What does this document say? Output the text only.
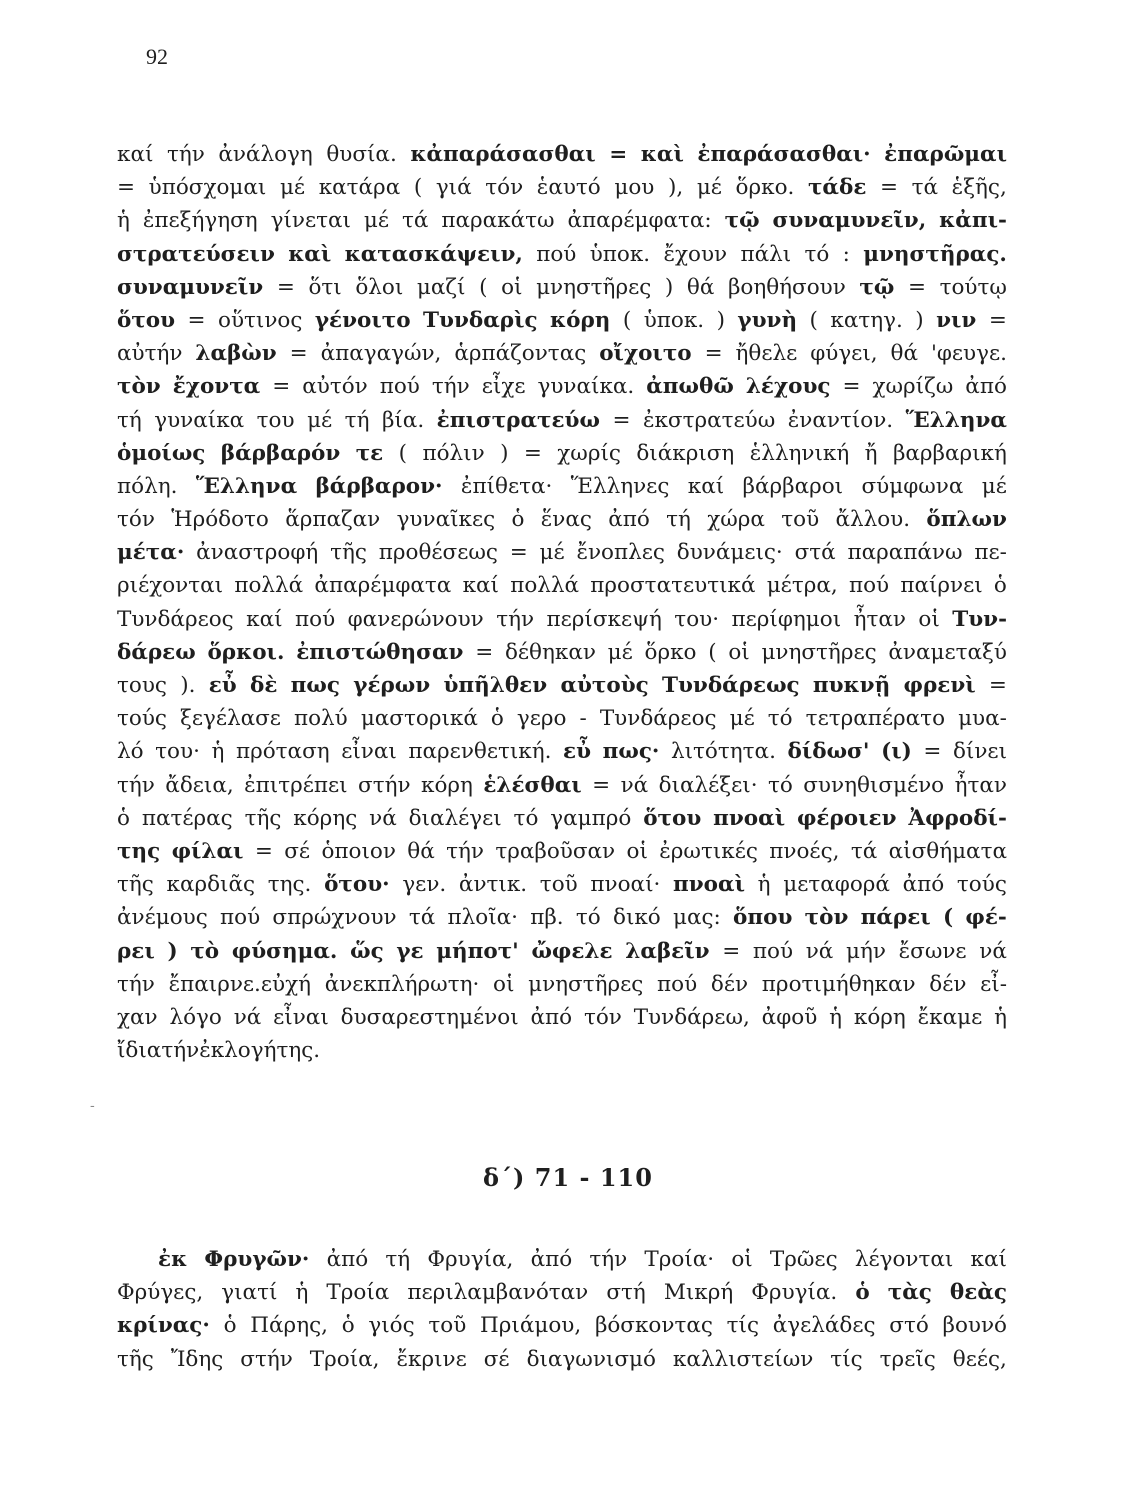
92
καί τήν ἀνάλογη θυσία. κἀπαράσασθαι = καὶ ἐπαράσασθαι· ἐπαρῶμαι
= ὑπόσχομαι μέ κατάρα ( γιά τόν ἑαυτό μου ), μέ ὅρκο. τάδε = τά ἑξῆς,
ἡ ἐπεξήγηση γίνεται μέ τά παρακάτω ἀπαρέμφατα: τῷ συναμυνεῖν, κἀπι-
στρατεύσειν καὶ κατασκάψειν, πού ὑποκ. ἔχουν πάλι τό : μνηστῆρας.
συναμυνεῖν = ὅτι ὅλοι μαζί ( οἱ μνηστῆρες ) θά βοηθήσουν τῷ = τούτῳ
ὅτου = οὕτινος γένοιτο Τυνδαρὶς κόρη ( ὑποκ. ) γυνὴ ( κατηγ. ) νιν =
αὐτήν λαβὼν = ἀπαγαγών, ἁρπάζοντας οἴχοιτο = ἤθελε φύγει, θά 'φευγε.
τὸν ἔχοντα = αὐτόν πού τήν εἶχε γυναίκα. ἀπωθῶ λέχους = χωρίζω ἀπό
τή γυναίκα του μέ τή βία. ἐπιστρατεύω = ἐκστρατεύω ἐναντίον. Ἕλληνα
ὁμοίως βάρβαρόν τε ( πόλιν ) = χωρίς διάκριση ἑλληνική ἤ βαρβαρική
πόλη. Ἕλληνα βάρβαρον· ἐπίθετα· Ἕλληνες καί βάρβαροι σύμφωνα μέ
τόν Ἡρόδοτο ἅρπαζαν γυναῖκες ὁ ἕνας ἀπό τή χώρα τοῦ ἄλλου. ὅπλων
μέτα· ἀναστροφή τῆς προθέσεως = μέ ἔνοπλες δυνάμεις· στά παραπάνω πε-
ριέχονται πολλά ἀπαρέμφατα καί πολλά προστατευτικά μέτρα, πού παίρνει ὁ
Τυνδάρεος καί πού φανερώνουν τήν περίσκεψή του· περίφημοι ἦταν οἱ Τυν-
δάρεω ὅρκοι. ἐπιστώθησαν = δέθηκαν μέ ὅρκο ( οἱ μνηστῆρες ἀναμεταξύ
τους ). εὖ δὲ πως γέρων ὑπῆλθεν αὐτοὺς Τυνδάρεως πυκνῇ φρενὶ =
τούς ξεγέλασε πολύ μαστορικά ὁ γερο - Τυνδάρεος μέ τό τετραπέρατο μυα-
λό του· ἡ πρόταση εἶναι παρενθετική. εὖ πως· λιτότητα. δίδωσ' (ι) = δίνει
τήν ἄδεια, ἐπιτρέπει στήν κόρη ἑλέσθαι = νά διαλέξει· τό συνηθισμένο ἦταν
ὁ πατέρας τῆς κόρης νά διαλέγει τό γαμπρό ὅτου πνοαὶ φέροιεν Ἀφροδί-
της φίλαι = σέ ὁποιον θά τήν τραβοῦσαν οἱ ἐρωτικές πνοές, τά αἰσθήματα
τῆς καρδιᾶς της. ὅτου· γεν. ἀντικ. τοῦ πνοαί· πνοαὶ ἡ μεταφορά ἀπό τούς
ἀνέμους πού σπρώχνουν τά πλοῖα· πβ. τό δικό μας: ὅπου τὸν πάρει ( φέ-
ρει ) τὸ φύσημα. ὥς γε μήποτ' ὤφελε λαβεῖν = πού νά μήν ἔσωνε νά
τήν ἔπαιρνε.εὐχή ἀνεκπλήρωτη· οἱ μνηστῆρες πού δέν προτιμήθηκαν δέν εἶ-
χαν λόγο νά εἶναι δυσαρεστημένοι ἀπό τόν Τυνδάρεω, ἀφοῦ ἡ κόρη ἔκαμε ἡ
ἴδια τήν ἐκλογή της.
-
δ΄) 71 - 110
ἐκ Φρυγῶν· ἀπό τή Φρυγία, ἀπό τήν Τροία· οἱ Τρῶες λέγονται καί
Φρύγες, γιατί ἡ Τροία περιλαμβανόταν στή Μικρή Φρυγία. ὁ τὰς θεὰς
κρίνας· ὁ Πάρης, ὁ γιός τοῦ Πριάμου, βόσκοντας τίς ἀγελάδες στό βουνό
τῆς Ἴδης στήν Τροία, ἔκρινε σέ διαγωνισμό καλλιστείων τίς τρεῖς θεές,
